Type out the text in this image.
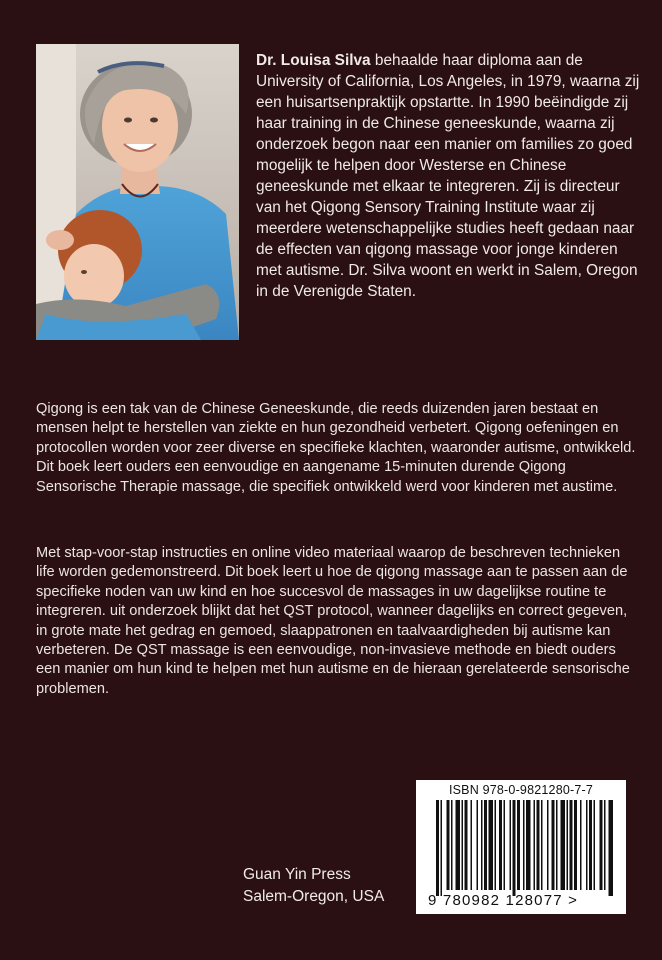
Dr. Louisa Silva behaalde haar diploma aan de University of California, Los Angeles, in 1979, waarna zij een huisartsenpraktijk opstartte. In 1990 beëindigde zij haar training in de Chinese geneeskunde, waarna zij onderzoek begon naar een manier om families zo goed mogelijk te helpen door Westerse en Chinese geneeskunde met elkaar te integreren. Zij is directeur van het Qigong Sensory Training Institute waar zij meerdere wetenschappelijke studies heeft gedaan naar de effecten van qigong massage voor jonge kinderen met autisme. Dr. Silva woont en werkt in Salem, Oregon in de Verenigde Staten.
Qigong is een tak van de Chinese Geneeskunde, die reeds duizenden jaren bestaat en mensen helpt te herstellen van ziekte en hun gezondheid verbetert. Qigong oefeningen en protocollen worden voor zeer diverse en specifieke klachten, waaronder autisme, ontwikkeld. Dit boek leert ouders een eenvoudige en aangename 15-minuten durende Qigong Sensorische Therapie massage, die specifiek ontwikkeld werd voor kinderen met austime.
Met stap-voor-stap instructies en online video materiaal waarop de beschreven technieken life worden gedemonstreerd. Dit boek leert u hoe de qigong massage aan te passen aan de specifieke noden van uw kind en hoe succesvol de massages in uw dagelijkse routine te integreren. uit onderzoek blijkt dat het QST protocol, wanneer dagelijks en correct gegeven, in grote mate het gedrag en gemoed, slaappatronen en taalvaardigheden bij autisme kan verbeteren. De QST massage is een eenvoudige, non-invasieve methode en biedt ouders een manier om hun kind te helpen met hun autisme en de hieraan gerelateerde sensorische problemen.
Guan Yin Press
Salem-Oregon, USA
ISBN 978-0-9821280-7-7
9 780982 128077 >
